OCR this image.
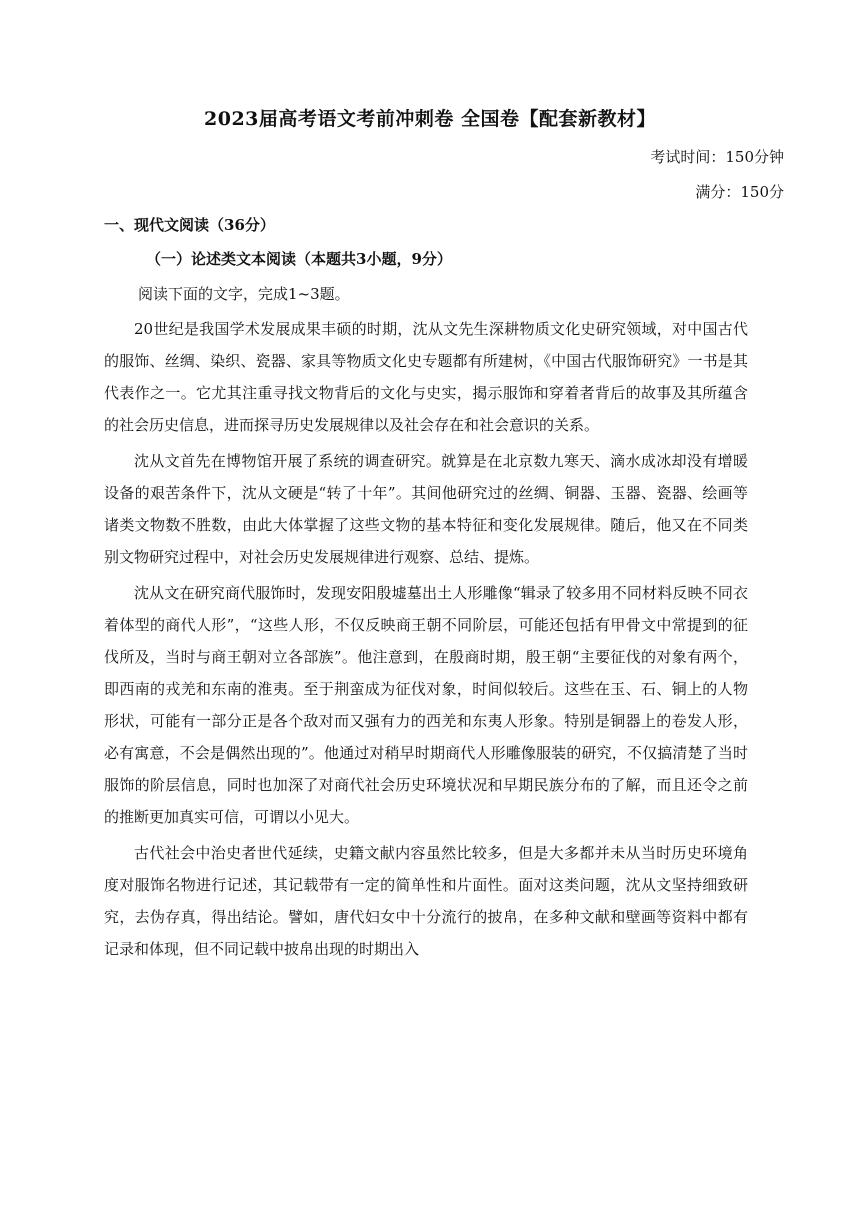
2023届高考语文考前冲刺卷 全国卷【配套新教材】
考试时间：150分钟
满分：150分
一、现代文阅读（36分）
（一）论述类文本阅读（本题共3小题，9分）
阅读下面的文字，完成1~3题。

20世纪是我国学术发展成果丰硕的时期，沈从文先生深耕物质文化史研究领域，对中国古代的服饰、丝绸、染织、瓷器、家具等物质文化史专题都有所建树，《中国古代服饰研究》一书是其代表作之一。它尤其注重寻找文物背后的文化与史实，揭示服饰和穿着者背后的故事及其所蕴含的社会历史信息，进而探寻历史发展规律以及社会存在和社会意识的关系。

沈从文首先在博物馆开展了系统的调查研究。就算是在北京数九寒天、滴水成冰却没有增暖设备的艰苦条件下，沈从文硬是“转了十年”。其间他研究过的丝绸、铜器、玉器、瓷器、绘画等诸类文物数不胜数，由此大体掌握了这些文物的基本特征和变化发展规律。随后，他又在不同类别文物研究过程中，对社会历史发展规律进行观察、总结、提炼。

沈从文在研究商代服饰时，发现安阳殷墟墓出土人形雕像“辑录了较多用不同材料反映不同衣着体型的商代人形”，“这些人形，不仅反映商王朝不同阶层，可能还包括有甲骨文中常提到的征伐所及，当时与商王朝对立各部族”。他注意到，在殷商时期，殷王朝“主要征伐的对象有两个，即西南的戎羌和东南的淮夷。至于荆蛮成为征伐对象，时间似较后。这些在玉、石、铜上的人物形状，可能有一部分正是各个敌对而又强有力的西羌和东夷人形象。特别是铜器上的卷发人形，必有寓意，不会是偶然出现的”。他通过对稍早时期商代人形雕像服装的研究，不仅搞清楚了当时服饰的阶层信息，同时也加深了对商代社会历史环境状况和早期民族分布的了解，而且还令之前的推断更加真实可信，可谓以小见大。

古代社会中治史者世代延续，史籍文献内容虽然比较多，但是大多都并未从当时历史环境角度对服饰名物进行记述，其记载带有一定的简单性和片面性。面对这类问题，沈从文坚持细致研究，去伪存真，得出结论。譬如，唐代妇女中十分流行的披帛，在多种文献和壁画等资料中都有记录和体现，但不同记载中披帛出现的时期出入
